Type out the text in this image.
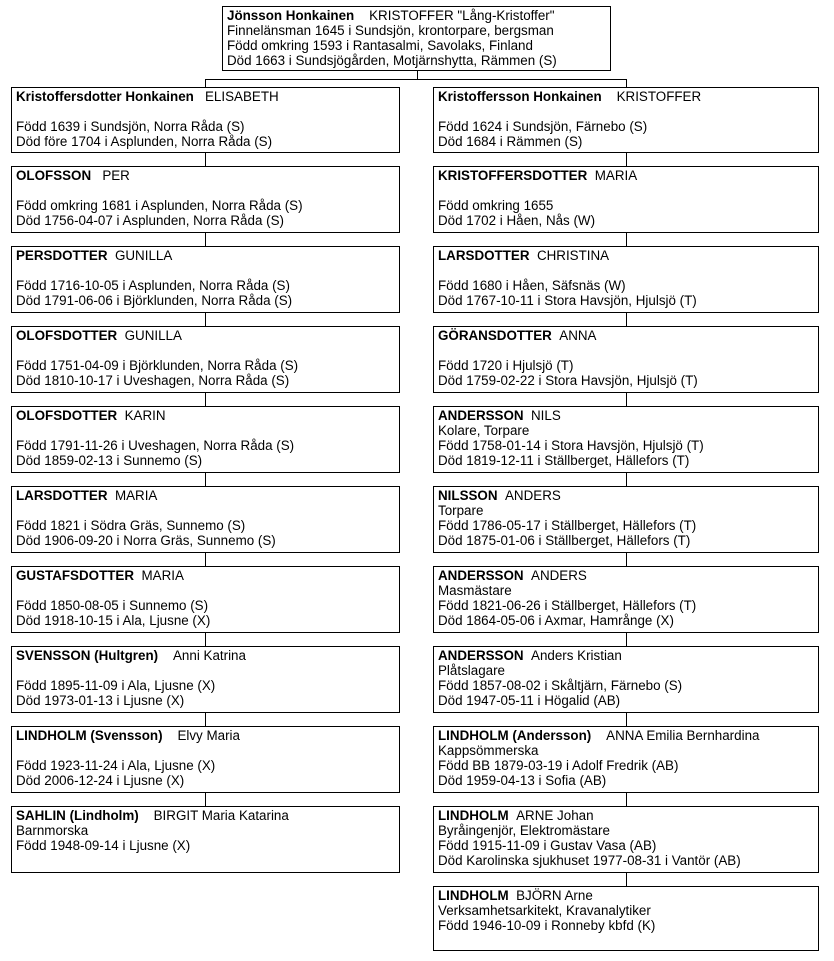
Jönsson Honkainen KRISTOFFER "Lång-Kristoffer"
Finnelänsman 1645 i Sundsjön, krontorpare, bergsman
Född omkring 1593 i Rantasalmi, Savolaks, Finland
Död 1663 i Sundsjögården, Motjärnshytta, Rämmen (S)
Kristoffersdotter Honkainen ELISABETH
Född 1639 i Sundsjön, Norra Råda (S)
Död före 1704 i Asplunden, Norra Råda (S)
OLOFSSON PER
Född omkring 1681 i Asplunden, Norra Råda (S)
Död 1756-04-07 i Asplunden, Norra Råda (S)
PERSDOTTER GUNILLA
Född 1716-10-05 i Asplunden, Norra Råda (S)
Död 1791-06-06 i Björklunden, Norra Råda (S)
OLOFSDOTTER GUNILLA
Född 1751-04-09 i Björklunden, Norra Råda (S)
Död 1810-10-17 i Uveshagen, Norra Råda (S)
OLOFSDOTTER KARIN
Född 1791-11-26 i Uveshagen, Norra Råda (S)
Död 1859-02-13 i Sunnemo (S)
LARSDOTTER MARIA
Född 1821 i Södra Gräs, Sunnemo (S)
Död 1906-09-20 i Norra Gräs, Sunnemo (S)
GUSTAFSDOTTER MARIA
Född 1850-08-05 i Sunnemo (S)
Död 1918-10-15 i Ala, Ljusne (X)
SVENSSON (Hultgren) Anni Katrina
Född 1895-11-09 i Ala, Ljusne (X)
Död 1973-01-13 i Ljusne (X)
LINDHOLM (Svensson) Elvy Maria
Född 1923-11-24 i Ala, Ljusne (X)
Död 2006-12-24 i Ljusne (X)
SAHLIN (Lindholm) BIRGIT Maria Katarina
Barnmorska
Född 1948-09-14 i Ljusne (X)
Kristoffersson Honkainen KRISTOFFER
Född 1624 i Sundsjön, Färnebo (S)
Död 1684 i Rämmen (S)
KRISTOFFERSDOTTER MARIA
Född omkring 1655
Död 1702 i Håen, Nås (W)
LARSDOTTER CHRISTINA
Född 1680 i Håen, Säfsnäs (W)
Död 1767-10-11 i Stora Havsjön, Hjulsjö (T)
GÖRANSDOTTER ANNA
Född 1720 i Hjulsjö (T)
Död 1759-02-22 i Stora Havsjön, Hjulsjö (T)
ANDERSSON NILS
Kolare, Torpare
Född 1758-01-14 i Stora Havsjön, Hjulsjö (T)
Död 1819-12-11 i Ställberget, Hällefors (T)
NILSSON ANDERS
Torpare
Född 1786-05-17 i Ställberget, Hällefors (T)
Död 1875-01-06 i Ställberget, Hällefors (T)
ANDERSSON ANDERS
Masmästare
Född 1821-06-26 i Ställberget, Hällefors (T)
Död 1864-05-06 i Axmar, Hamrånge (X)
ANDERSSON Anders Kristian
Plåtslagare
Född 1857-08-02 i Skåltjärn, Färnebo (S)
Död 1947-05-11 i Högalid (AB)
LINDHOLM (Andersson) ANNA Emilia Bernhardina
Kappsömmerska
Född BB 1879-03-19 i Adolf Fredrik (AB)
Död 1959-04-13 i Sofia (AB)
LINDHOLM ARNE Johan
Byråingenjör, Elektromästare
Född 1915-11-09 i Gustav Vasa (AB)
Död Karolinska sjukhuset 1977-08-31 i Vantör (AB)
LINDHOLM BJÖRN Arne
Verksamhetsarkitekt, Kravanalytiker
Född 1946-10-09 i Ronneby kbfd (K)
